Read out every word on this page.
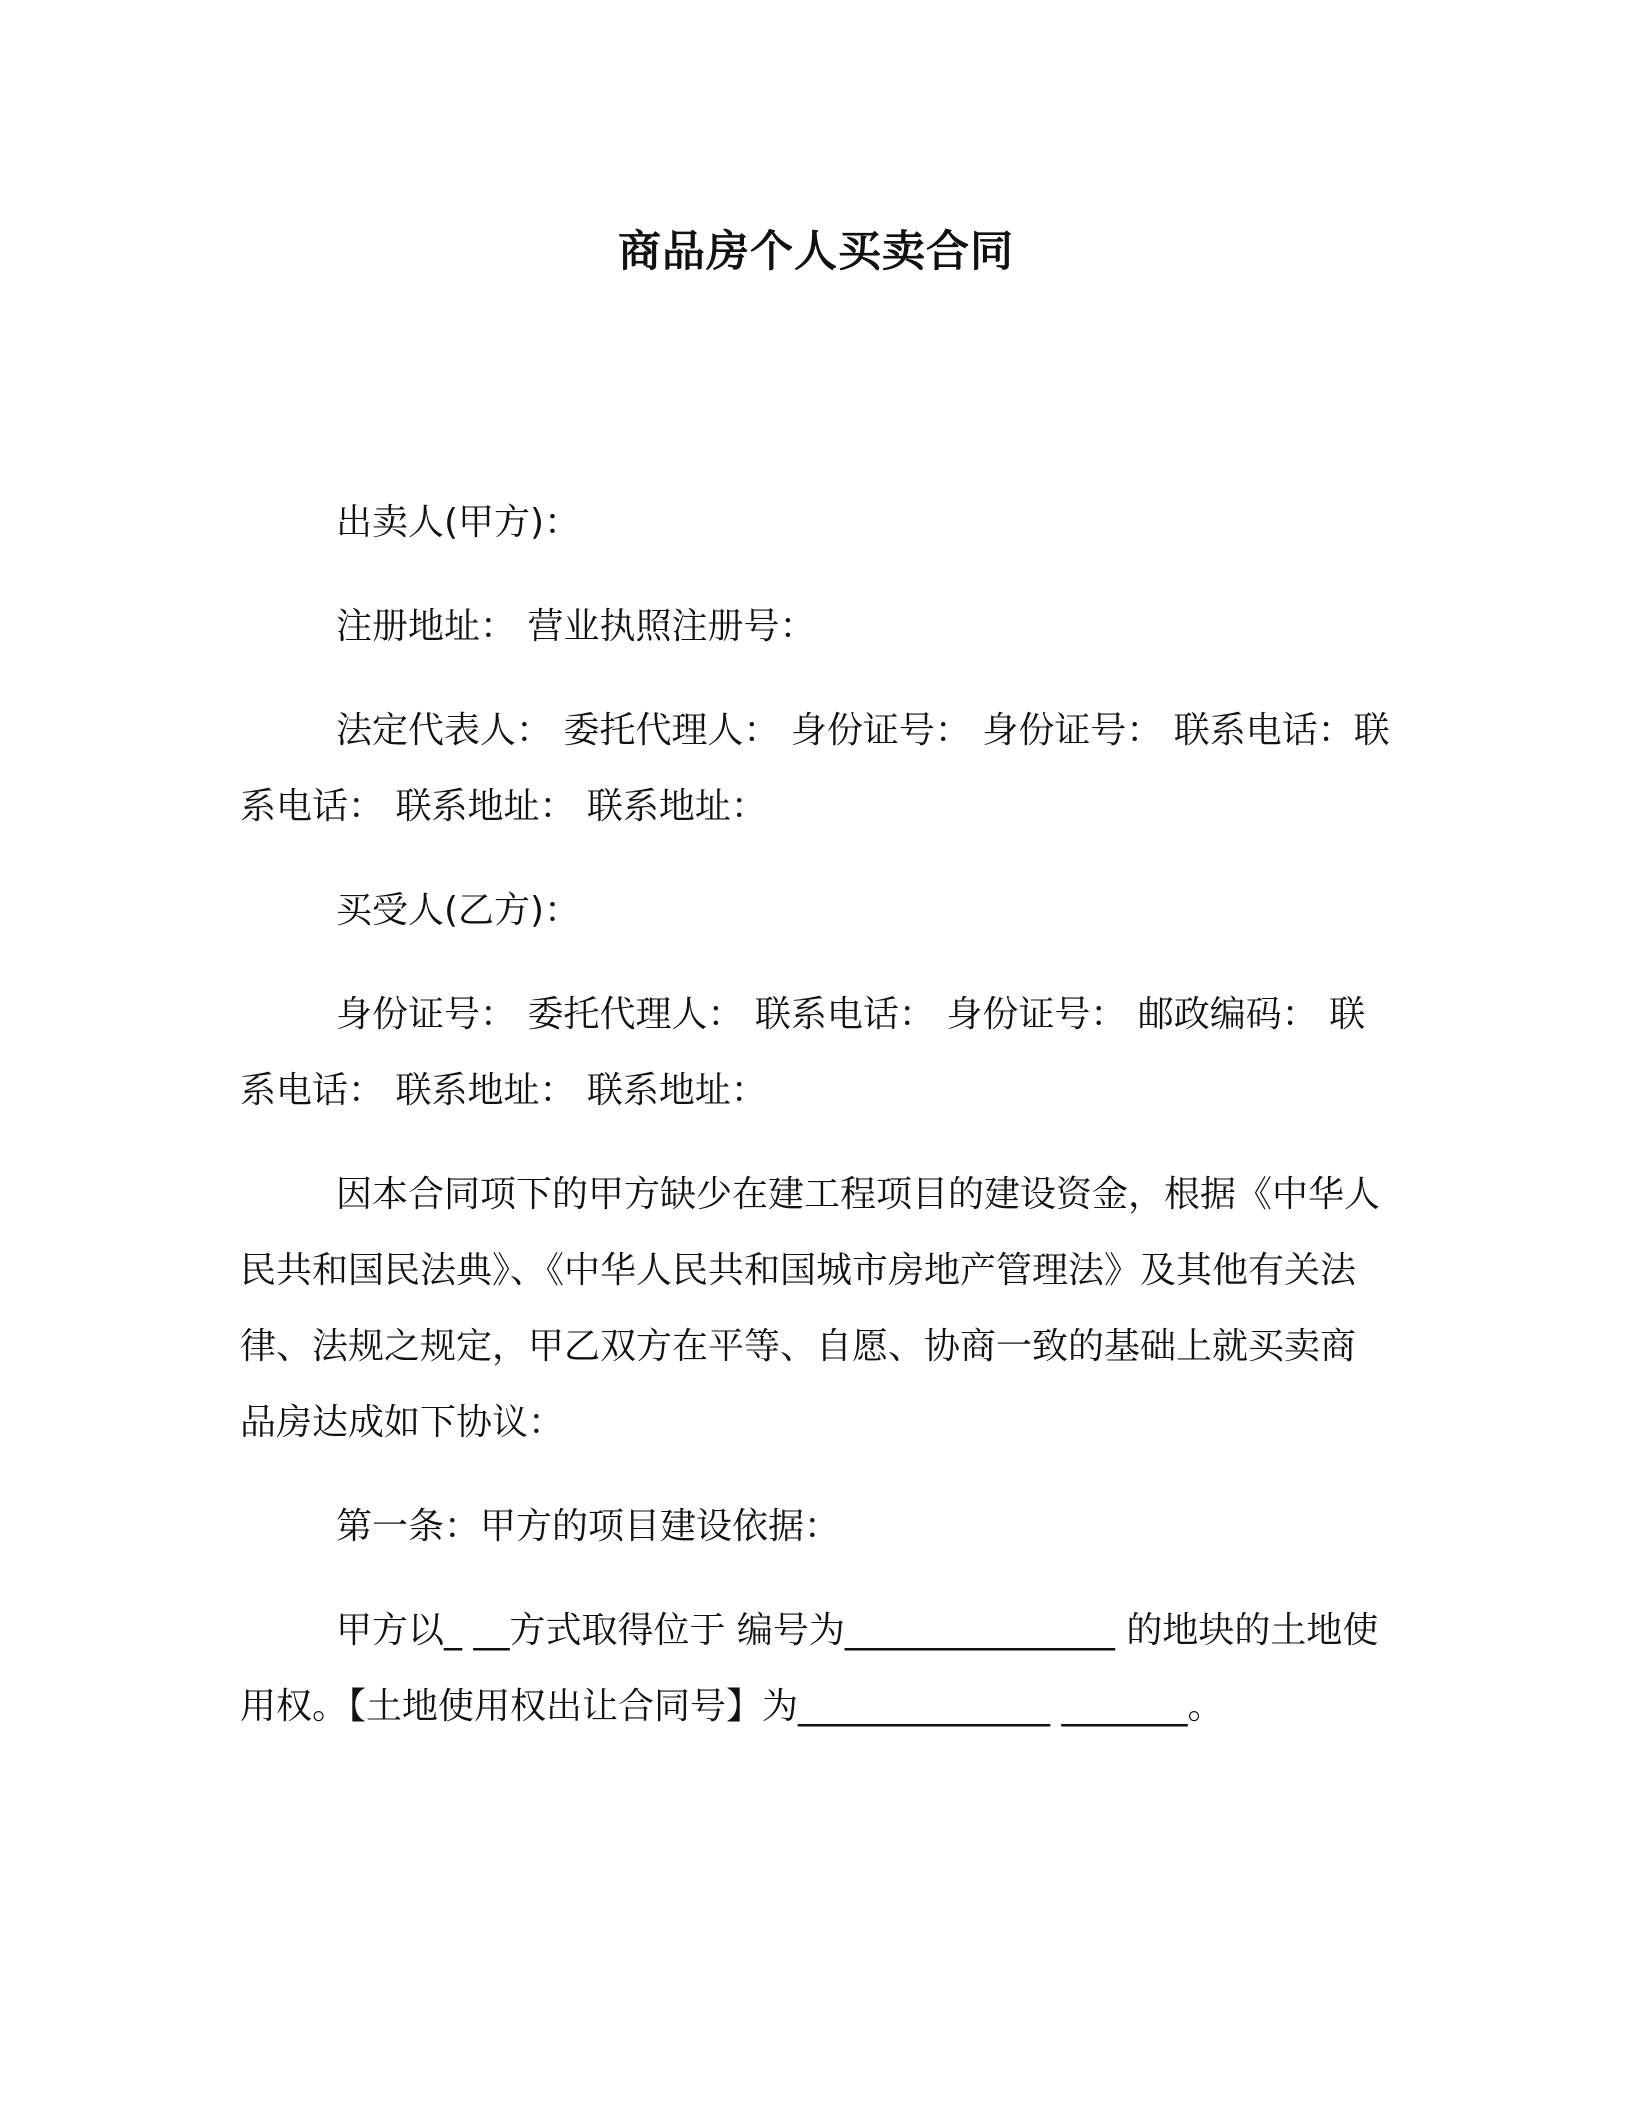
商品房个人买卖合同

出卖人(甲方)：

注册地址： 营业执照注册号：

法定代表人： 委托代理人： 身份证号： 身份证号： 联系电话：联系电话： 联系地址： 联系地址：

买受人(乙方)：

身份证号： 委托代理人： 联系电话： 身份证号： 邮政编码： 联系电话： 联系地址： 联系地址：

因本合同项下的甲方缺少在建工程项目的建设资金，根据《中华人民共和国民法典》、《中华人民共和国城市房地产管理法》及其他有关法律、法规之规定，甲乙双方在平等、自愿、协商一致的基础上就买卖商品房达成如下协议：

第一条：甲方的项目建设依据：

甲方以_ __方式取得位于 编号为_______________ 的地块的土地使用权。【土地使用权出让合同号】为______________ _______。
